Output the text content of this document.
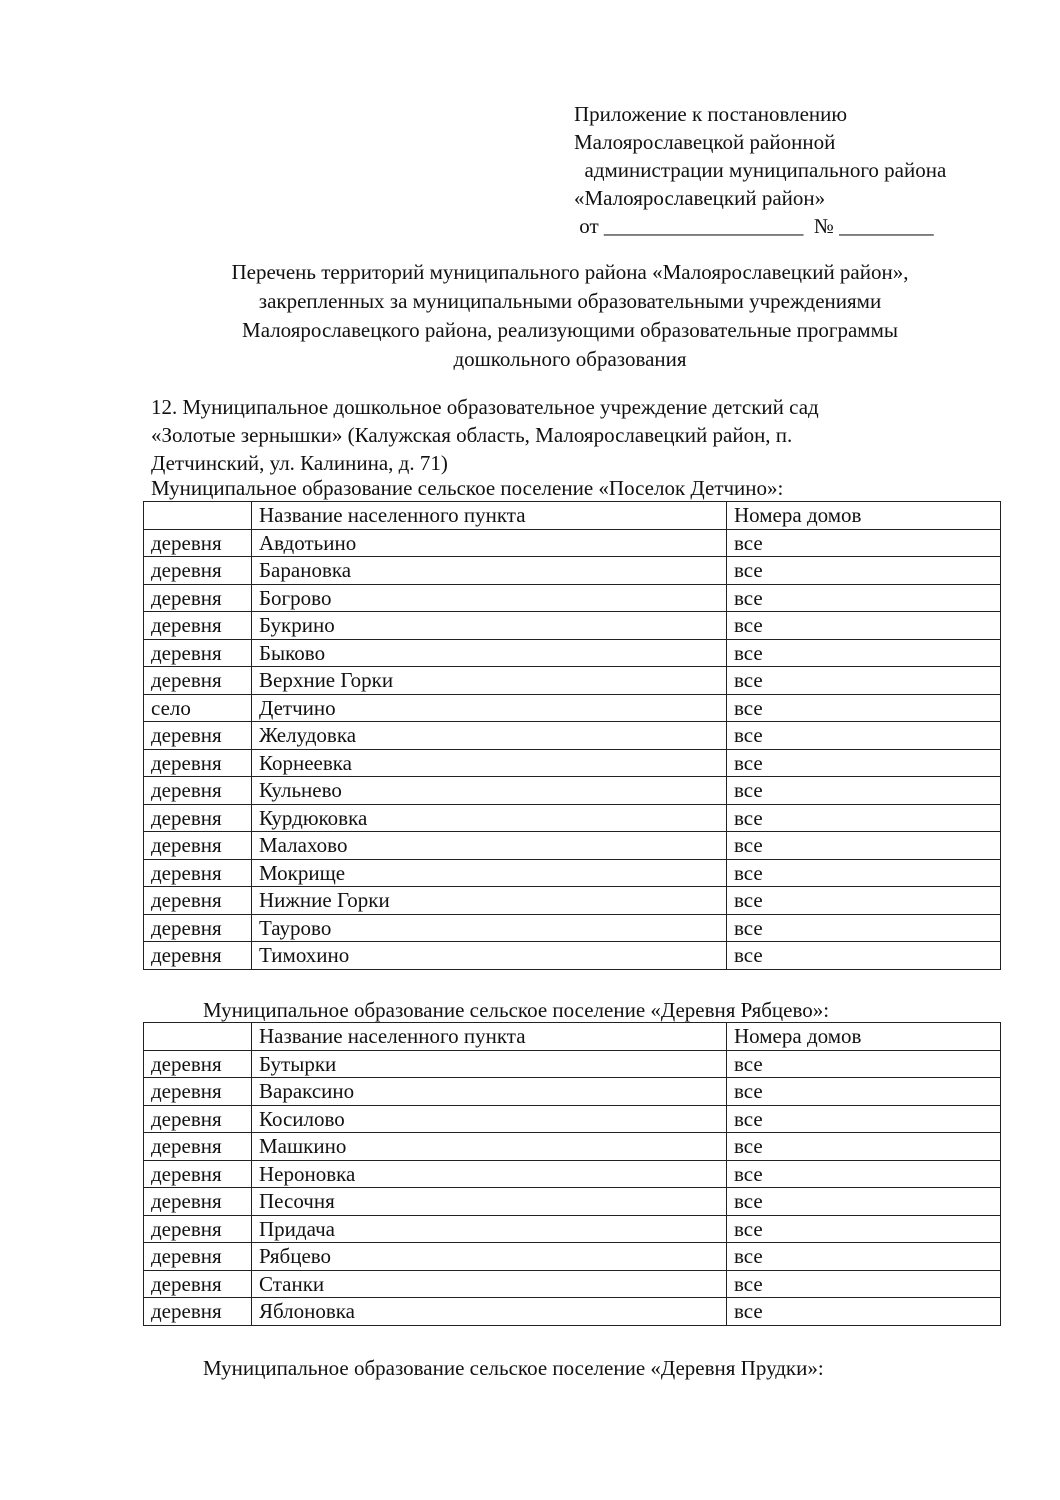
Приложение к постановлению
Малоярославецкой районной
администрации муниципального района
«Малоярославецкий район»
от ___________________  № _________
Перечень территорий муниципального района «Малоярославецкий район»,
закрепленных за муниципальными образовательными учреждениями
Малоярославецкого района, реализующими образовательные программы
дошкольного образования
12. Муниципальное дошкольное образовательное учреждение детский сад
«Золотые зернышки» (Калужская область, Малоярославецкий район, п.
Детчинский, ул. Калинина, д. 71)
Муниципальное образование сельское поселение «Поселок Детчино»:
	Название населенного пункта	Номера домов
деревня	Авдотьино	все
деревня	Барановка	все
деревня	Богрово	все
деревня	Букрино	все
деревня	Быково	все
деревня	Верхние Горки	все
село	Детчино	все
деревня	Желудовка	все
деревня	Корнеевка	все
деревня	Кульнево	все
деревня	Курдюковка	все
деревня	Малахово	все
деревня	Мокрище	все
деревня	Нижние Горки	все
деревня	Таурово	все
деревня	Тимохино	все
Муниципальное образование сельское поселение «Деревня Рябцево»:
	Название населенного пункта	Номера домов
деревня	Бутырки	все
деревня	Вараксино	все
деревня	Косилово	все
деревня	Машкино	все
деревня	Нероновка	все
деревня	Песочня	все
деревня	Придача	все
деревня	Рябцево	все
деревня	Станки	все
деревня	Яблоновка	все
Муниципальное образование сельское поселение «Деревня Прудки»:
